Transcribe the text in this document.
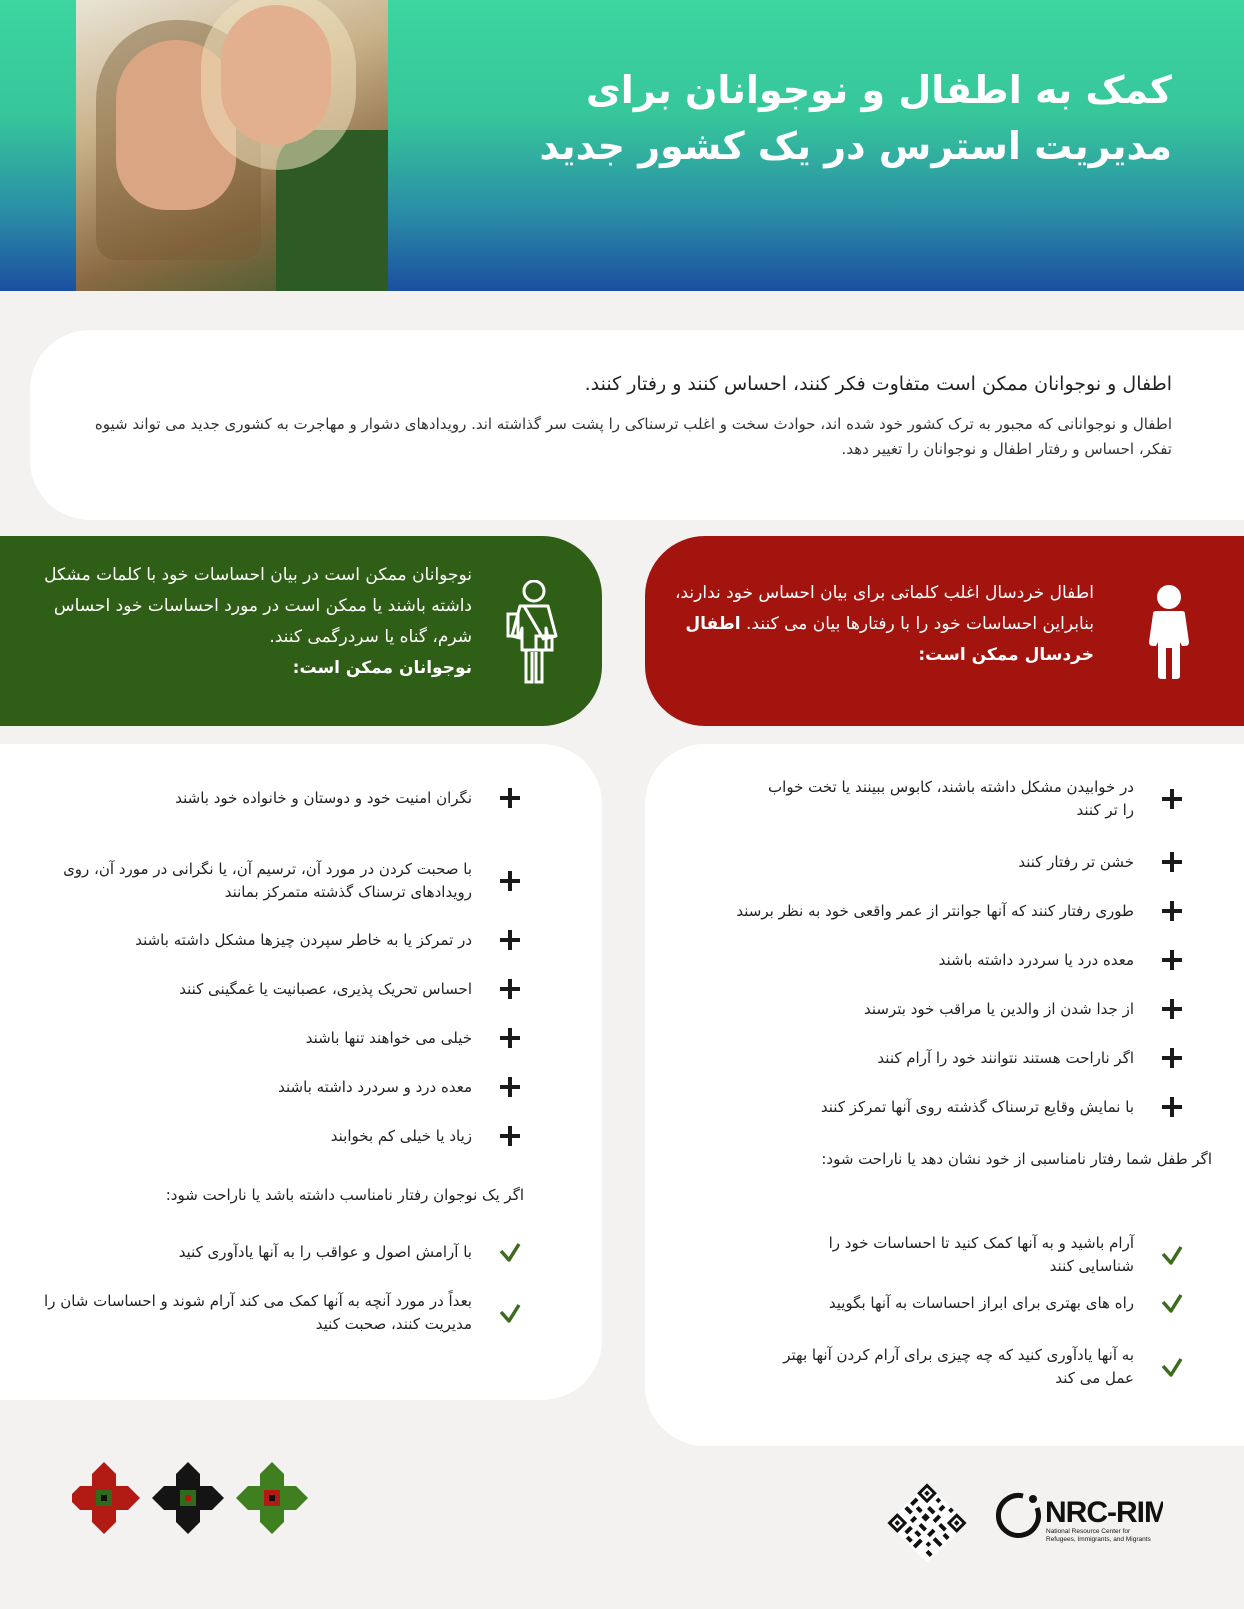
کمک به اطفال و نوجوانان برای
مدیریت استرس در یک کشور جدید

اطفال و نوجوانان ممکن است متفاوت فکر کنند، احساس کنند و رفتار کنند.

اطفال و نوجوانانی که مجبور به ترک کشور خود شده اند، حوادث سخت و اغلب ترسناکی را پشت سر گذاشته اند. رویدادهای دشوار و مهاجرت به کشوری جدید می تواند شیوه تفکر، احساس و رفتار اطفال و نوجوانان را تغییر دهد.

اطفال خردسال اغلب کلماتی برای بیان احساس خود ندارند، بنابراین احساسات خود را با رفتارها بیان می کنند. اطفال خردسال ممکن است:
نوجوانان ممکن است در بیان احساسات خود با کلمات مشکل داشته باشند یا ممکن است در مورد احساسات خود احساس شرم، گناه یا سردرگمی کنند.
نوجوانان ممکن است:
در خوابیدن مشکل داشته باشند، کابوس ببینند یا تخت خواب را تر کنند
خشن تر رفتار کنند
طوری رفتار کنند که آنها جوانتر از عمر واقعی خود به نظر برسند
معده درد یا سردرد داشته باشند
از جدا شدن از والدین یا مراقب خود بترسند
اگر ناراحت هستند نتوانند خود را آرام کنند
با نمایش وقایع ترسناک گذشته روی آنها تمرکز کنند
اگر طفل شما رفتار نامناسبی از خود نشان دهد یا ناراحت شود:
آرام باشید و به آنها کمک کنید تا احساسات خود را شناسایی کنند
راه های بهتری برای ابراز احساسات به آنها بگویید
به آنها یادآوری کنید که چه چیزی برای آرام کردن آنها بهتر عمل می کند
نگران امنیت خود و دوستان و خانواده خود باشند
با صحبت کردن در مورد آن، ترسیم آن، یا نگرانی در مورد آن، روی رویدادهای ترسناک گذشته متمرکز بمانند
در تمرکز یا به خاطر سپردن چیزها مشکل داشته باشند
احساس تحریک پذیری، عصبانیت یا غمگینی کنند
خیلی می خواهند تنها باشند
معده درد و سردرد داشته باشند
زیاد یا خیلی کم بخوابند
اگر یک نوجوان رفتار نامناسب داشته باشد یا ناراحت شود:
با آرامش اصول و عواقب را به آنها یادآوری کنید
بعداً در مورد آنچه به آنها کمک می کند آرام شوند و احساسات شان را مدیریت کنند، صحبت کنید
NRC-RIM
National Resource Center for
Refugees, Immigrants, and Migrants
